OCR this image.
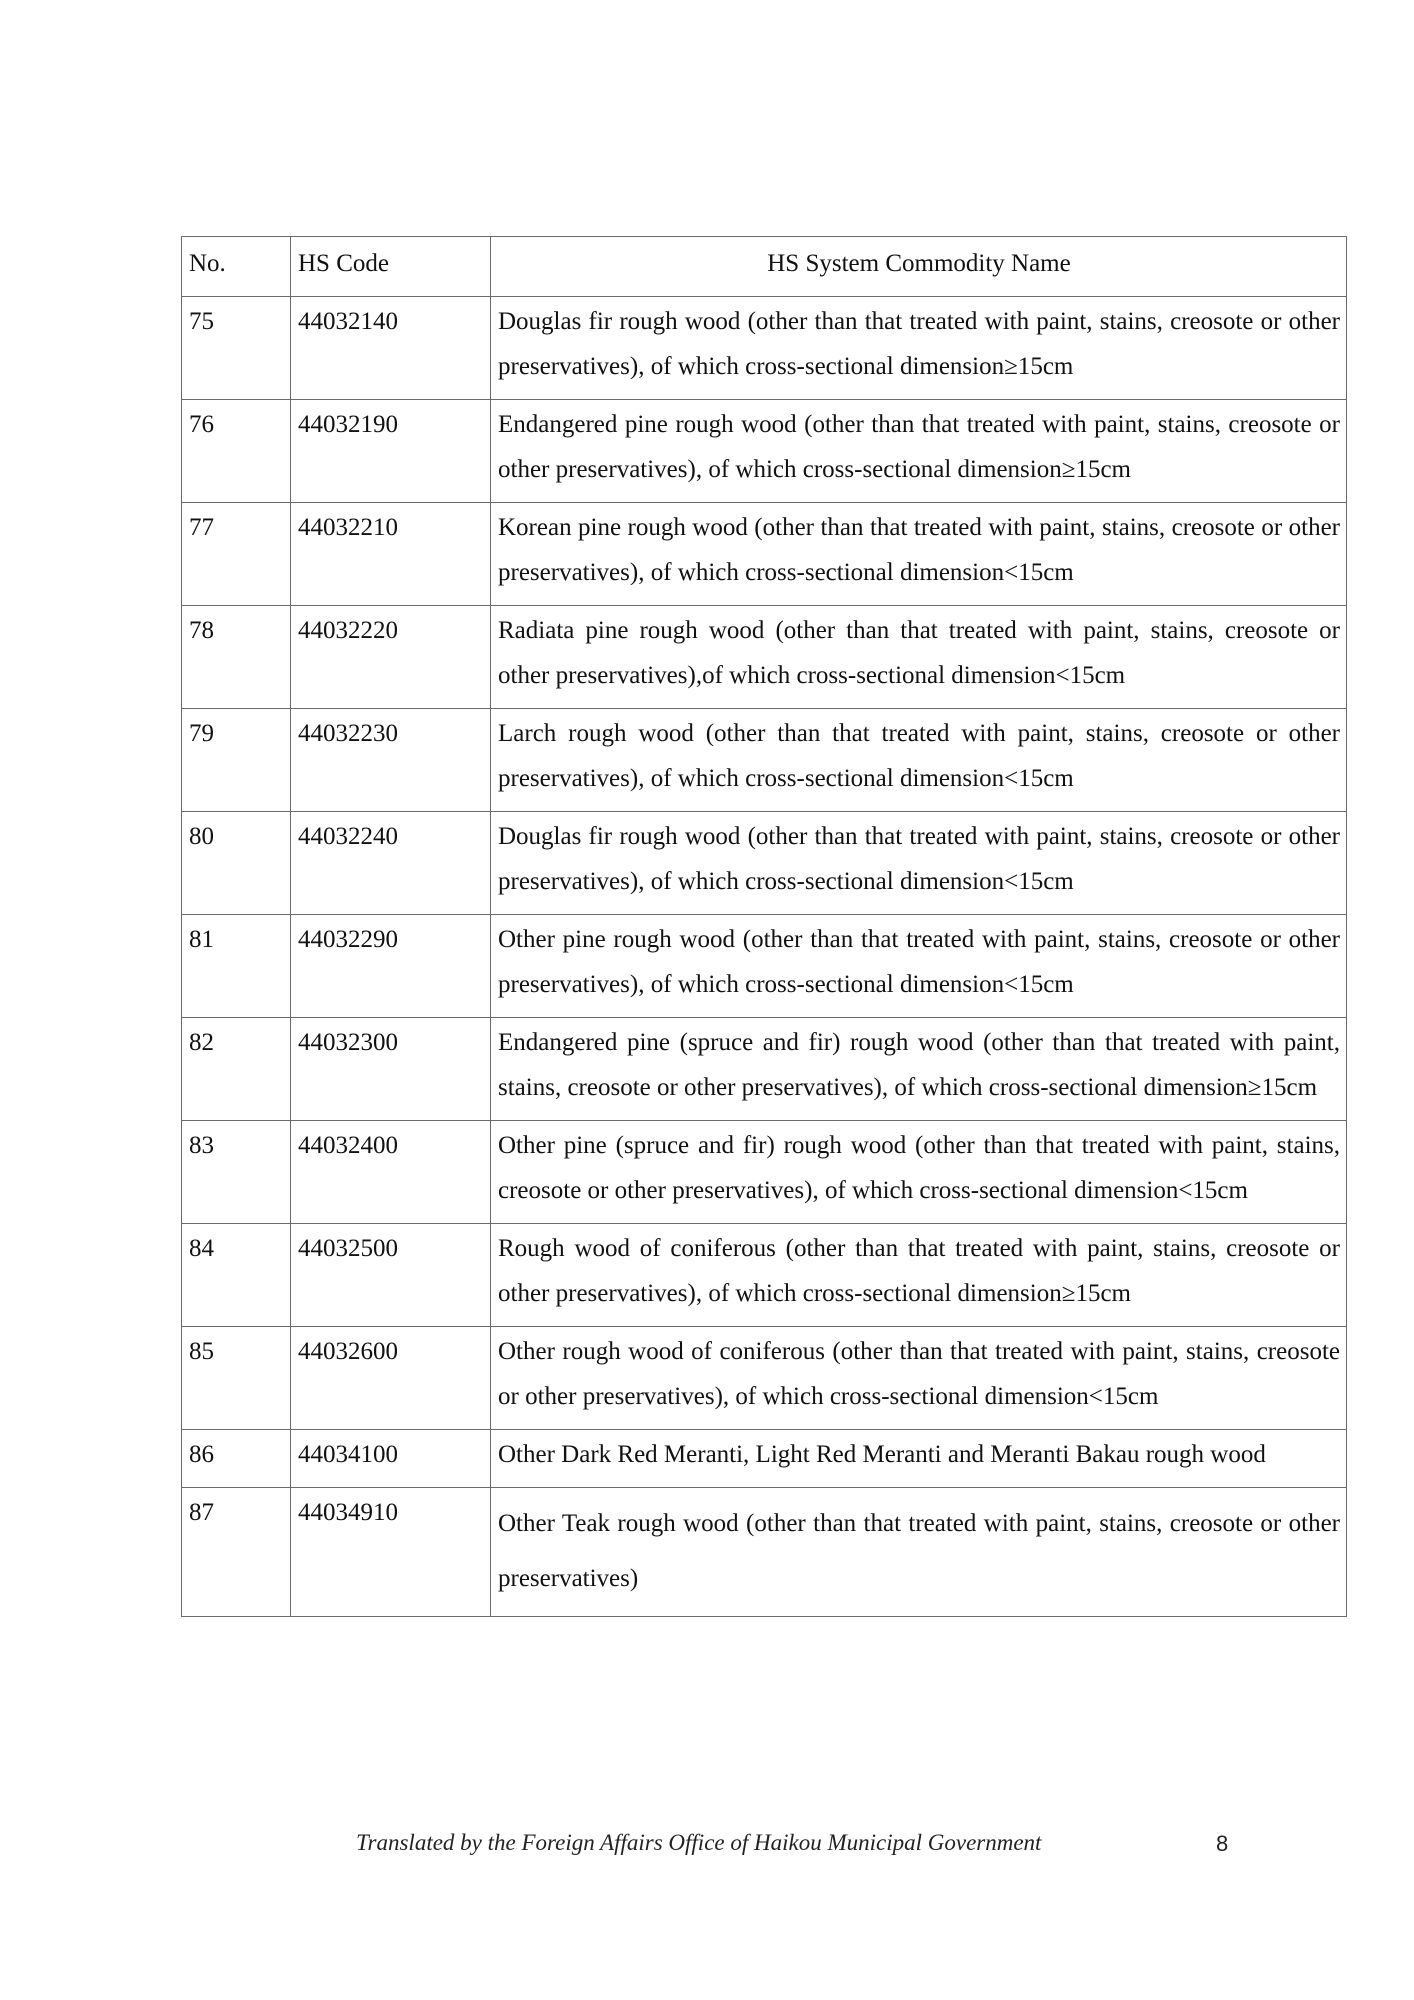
No.	HS Code	HS System Commodity Name
75	44032140	Douglas fir rough wood (other than that treated with paint, stains, creosote or other preservatives), of which cross-sectional dimension≥15cm
76	44032190	Endangered pine rough wood (other than that treated with paint, stains, creosote or other preservatives), of which cross-sectional dimension≥15cm
77	44032210	Korean pine rough wood (other than that treated with paint, stains, creosote or other preservatives), of which cross-sectional dimension<15cm
78	44032220	Radiata pine rough wood (other than that treated with paint, stains, creosote or other preservatives),of which cross-sectional dimension<15cm
79	44032230	Larch rough wood (other than that treated with paint, stains, creosote or other preservatives), of which cross-sectional dimension<15cm
80	44032240	Douglas fir rough wood (other than that treated with paint, stains, creosote or other preservatives), of which cross-sectional dimension<15cm
81	44032290	Other pine rough wood (other than that treated with paint, stains, creosote or other preservatives), of which cross-sectional dimension<15cm
82	44032300	Endangered pine (spruce and fir) rough wood (other than that treated with paint, stains, creosote or other preservatives), of which cross-sectional dimension≥15cm
83	44032400	Other pine (spruce and fir) rough wood (other than that treated with paint, stains, creosote or other preservatives), of which cross-sectional dimension<15cm
84	44032500	Rough wood of coniferous (other than that treated with paint, stains, creosote or other preservatives), of which cross-sectional dimension≥15cm
85	44032600	Other rough wood of coniferous (other than that treated with paint, stains, creosote or other preservatives), of which cross-sectional dimension<15cm
86	44034100	Other Dark Red Meranti, Light Red Meranti and Meranti Bakau rough wood
87	44034910	Other Teak rough wood (other than that treated with paint, stains, creosote or other preservatives)
Translated by the Foreign Affairs Office of Haikou Municipal Government	8
